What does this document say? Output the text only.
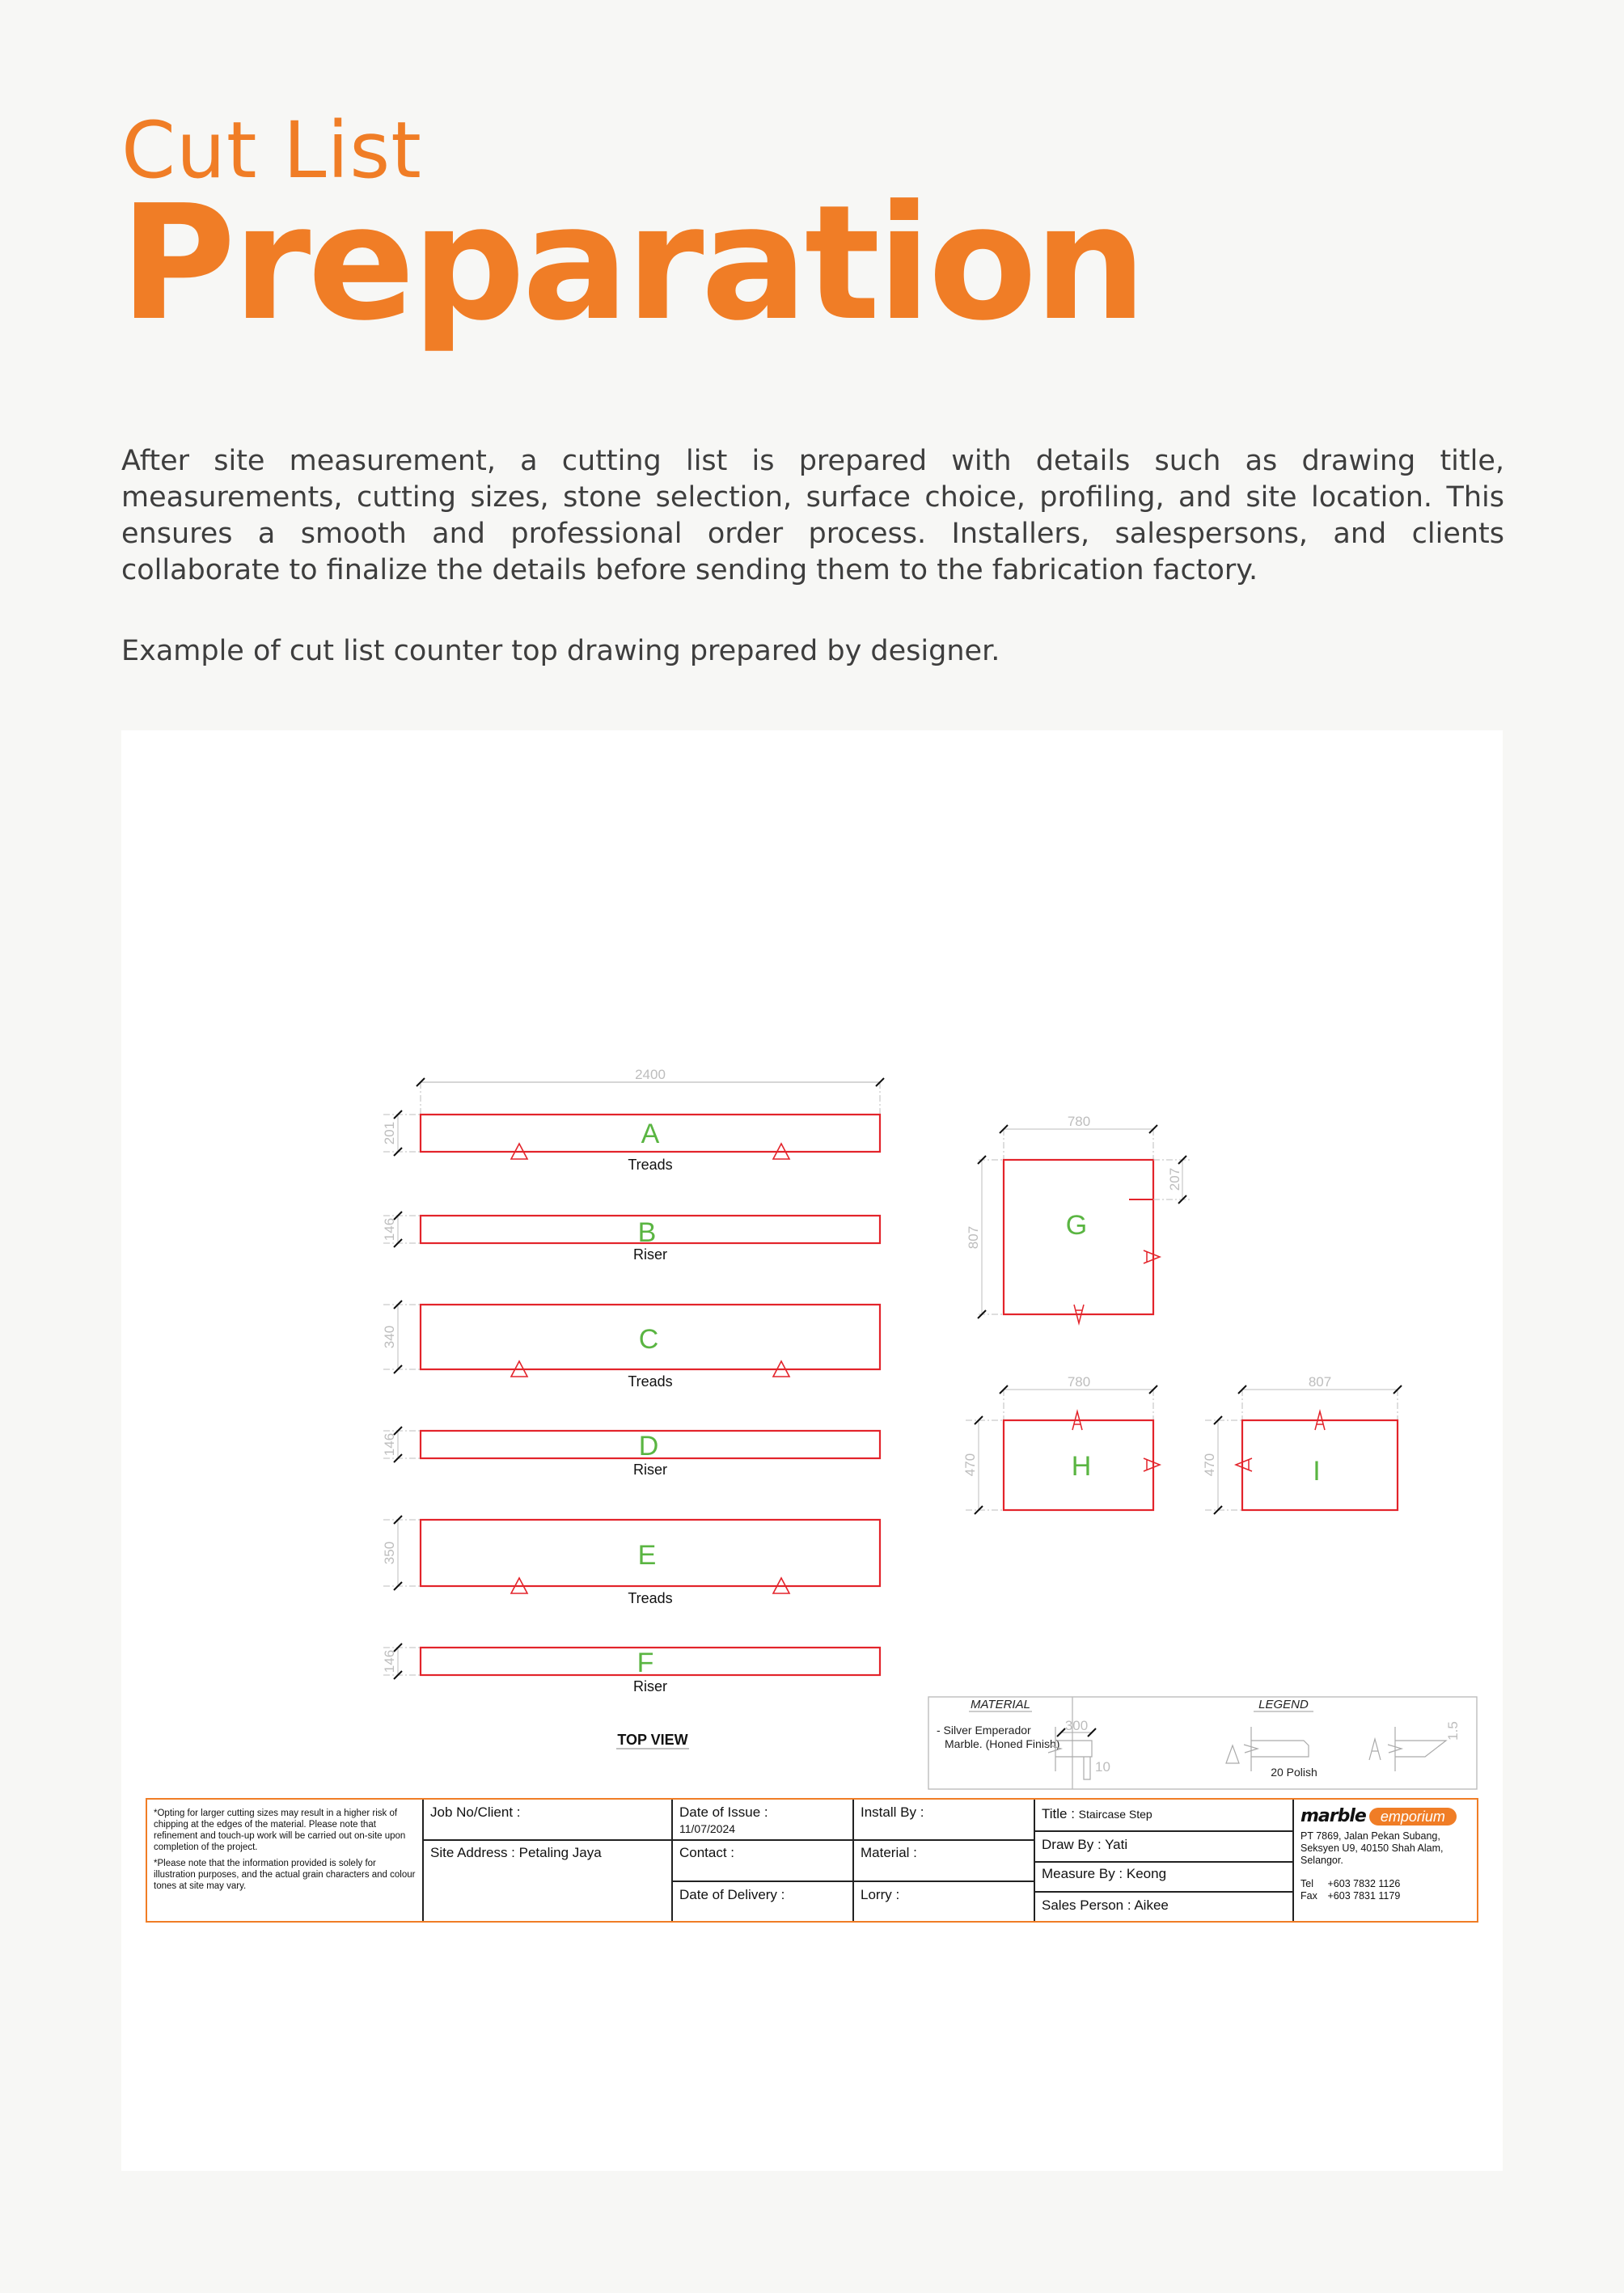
Cut List
Preparation

After site measurement, a cutting list is prepared with details such as drawing title, measurements, cutting sizes, stone selection, surface choice, profiling, and site location. This ensures a smooth and professional order process. Installers, salespersons, and clients collaborate to finalize the details before sending them to the fabrication factory.

Example of cut list counter top drawing prepared by designer.

2400
201	A
Treads
146	B
Riser
340	C
Treads
146	D
Riser
350	E
Treads
146	F
Riser
TOP VIEW
780
807
207
G
780
470	H
807
470	I
MATERIAL
- Silver Emperador
Marble. (Honed Finish)
LEGEND
300
10	20 Polish
1.5

*Opting for larger cutting sizes may result in a higher risk of chipping at the edges of the material. Please note that refinement and touch-up work will be carried out on-site upon completion of the project.

*Please note that the information provided is solely for illustration purposes, and the actual grain characters and colour tones at site may vary.

Job No/Client :
Site Address : Petaling Jaya
Date of Issue :
11/07/2024
Contact :
Date of Delivery :
Install By :
Material :
Lorry :
Title : Staircase Step
Draw By : Yati
Measure By : Keong
Sales Person : Aikee
marble	emporium
PT 7869, Jalan Pekan Subang,
Seksyen U9, 40150 Shah Alam,
Selangor.
Tel +603 7832 1126
Fax +603 7831 1179
